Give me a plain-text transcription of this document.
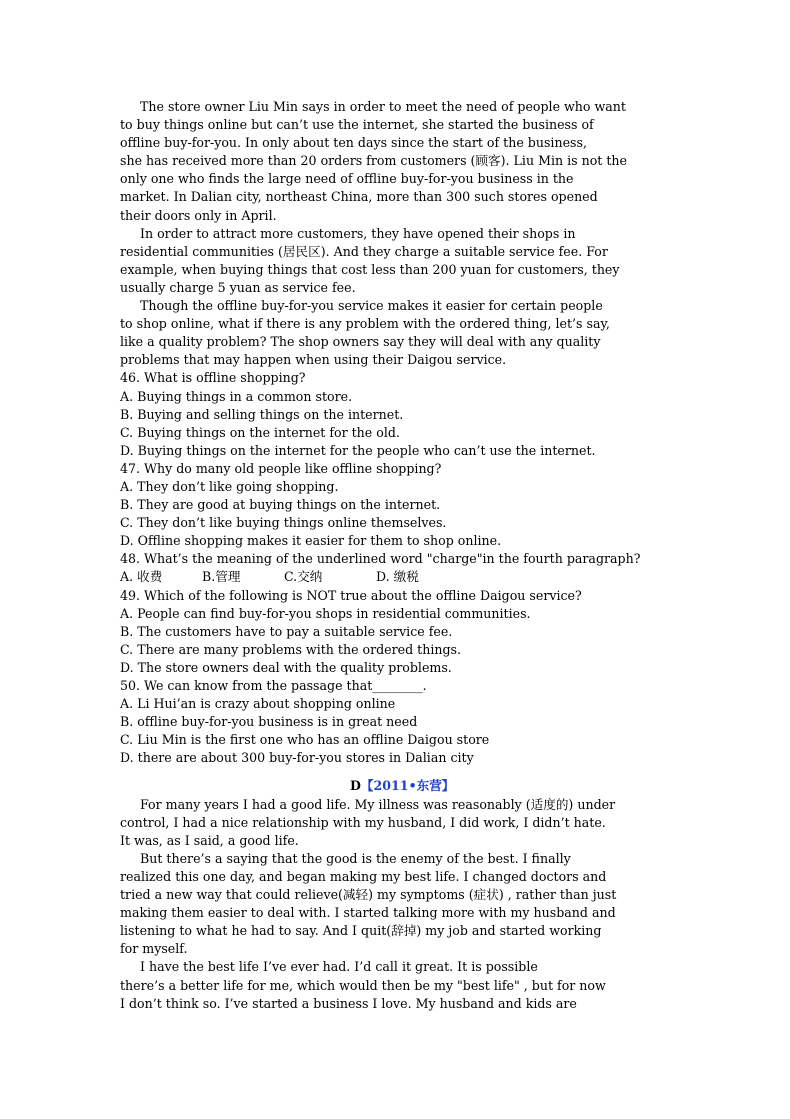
The store owner Liu Min says in order to meet the need of people who want
to buy things online but can’t use the internet, she started the business of
offline buy-for-you. In only about ten days since the start of the business,
she has received more than 20 orders from customers (顾客). Liu Min is not the
only one who finds the large need of offline buy-for-you business in the
market. In Dalian city, northeast China, more than 300 such stores opened
their doors only in April.
In order to attract more customers, they have opened their shops in
residential communities (居民区). And they charge a suitable service fee. For
example, when buying things that cost less than 200 yuan for customers, they
usually charge 5 yuan as service fee.
Though the offline buy-for-you service makes it easier for certain people
to shop online, what if there is any problem with the ordered thing, let’s say,
like a quality problem? The shop owners say they will deal with any quality
problems that may happen when using their Daigou service.
46. What is offline shopping?
A. Buying things in a common store.
B. Buying and selling things on the internet.
C. Buying things on the internet for the old.
D. Buying things on the internet for the people who can’t use the internet.
47. Why do many old people like offline shopping?
A. They don’t like going shopping.
B. They are good at buying things on the internet.
C. They don’t like buying things online themselves.
D. Offline shopping makes it easier for them to shop online.
48. What’s the meaning of the underlined word "charge"in the fourth paragraph?
A. 收费	B.管理	C.交纳	D. 缴税
49. Which of the following is NOT true about the offline Daigou service?
A. People can find buy-for-you shops in residential communities.
B. The customers have to pay a suitable service fee.
C. There are many problems with the ordered things.
D. The store owners deal with the quality problems.
50. We can know from the passage that________.
A. Li Hui’an is crazy about shopping online
B. offline buy-for-you business is in great need
C. Liu Min is the first one who has an offline Daigou store
D. there are about 300 buy-for-you stores in Dalian city
D【2011•东营】
For many years I had a good life. My illness was reasonably (适度的) under
control, I had a nice relationship with my husband, I did work, I didn’t hate.
It was, as I said, a good life.
But there’s a saying that the good is the enemy of the best. I finally
realized this one day, and began making my best life. I changed doctors and
tried a new way that could relieve(减轻) my symptoms (症状) , rather than just
making them easier to deal with. I started talking more with my husband and
listening to what he had to say. And I quit(辞掉) my job and started working
for myself.
I have the best life I’ve ever had. I’d call it great. It is possible
there’s a better life for me, which would then be my "best life" , but for now
I don’t think so. I’ve started a business I love. My husband and kids are
